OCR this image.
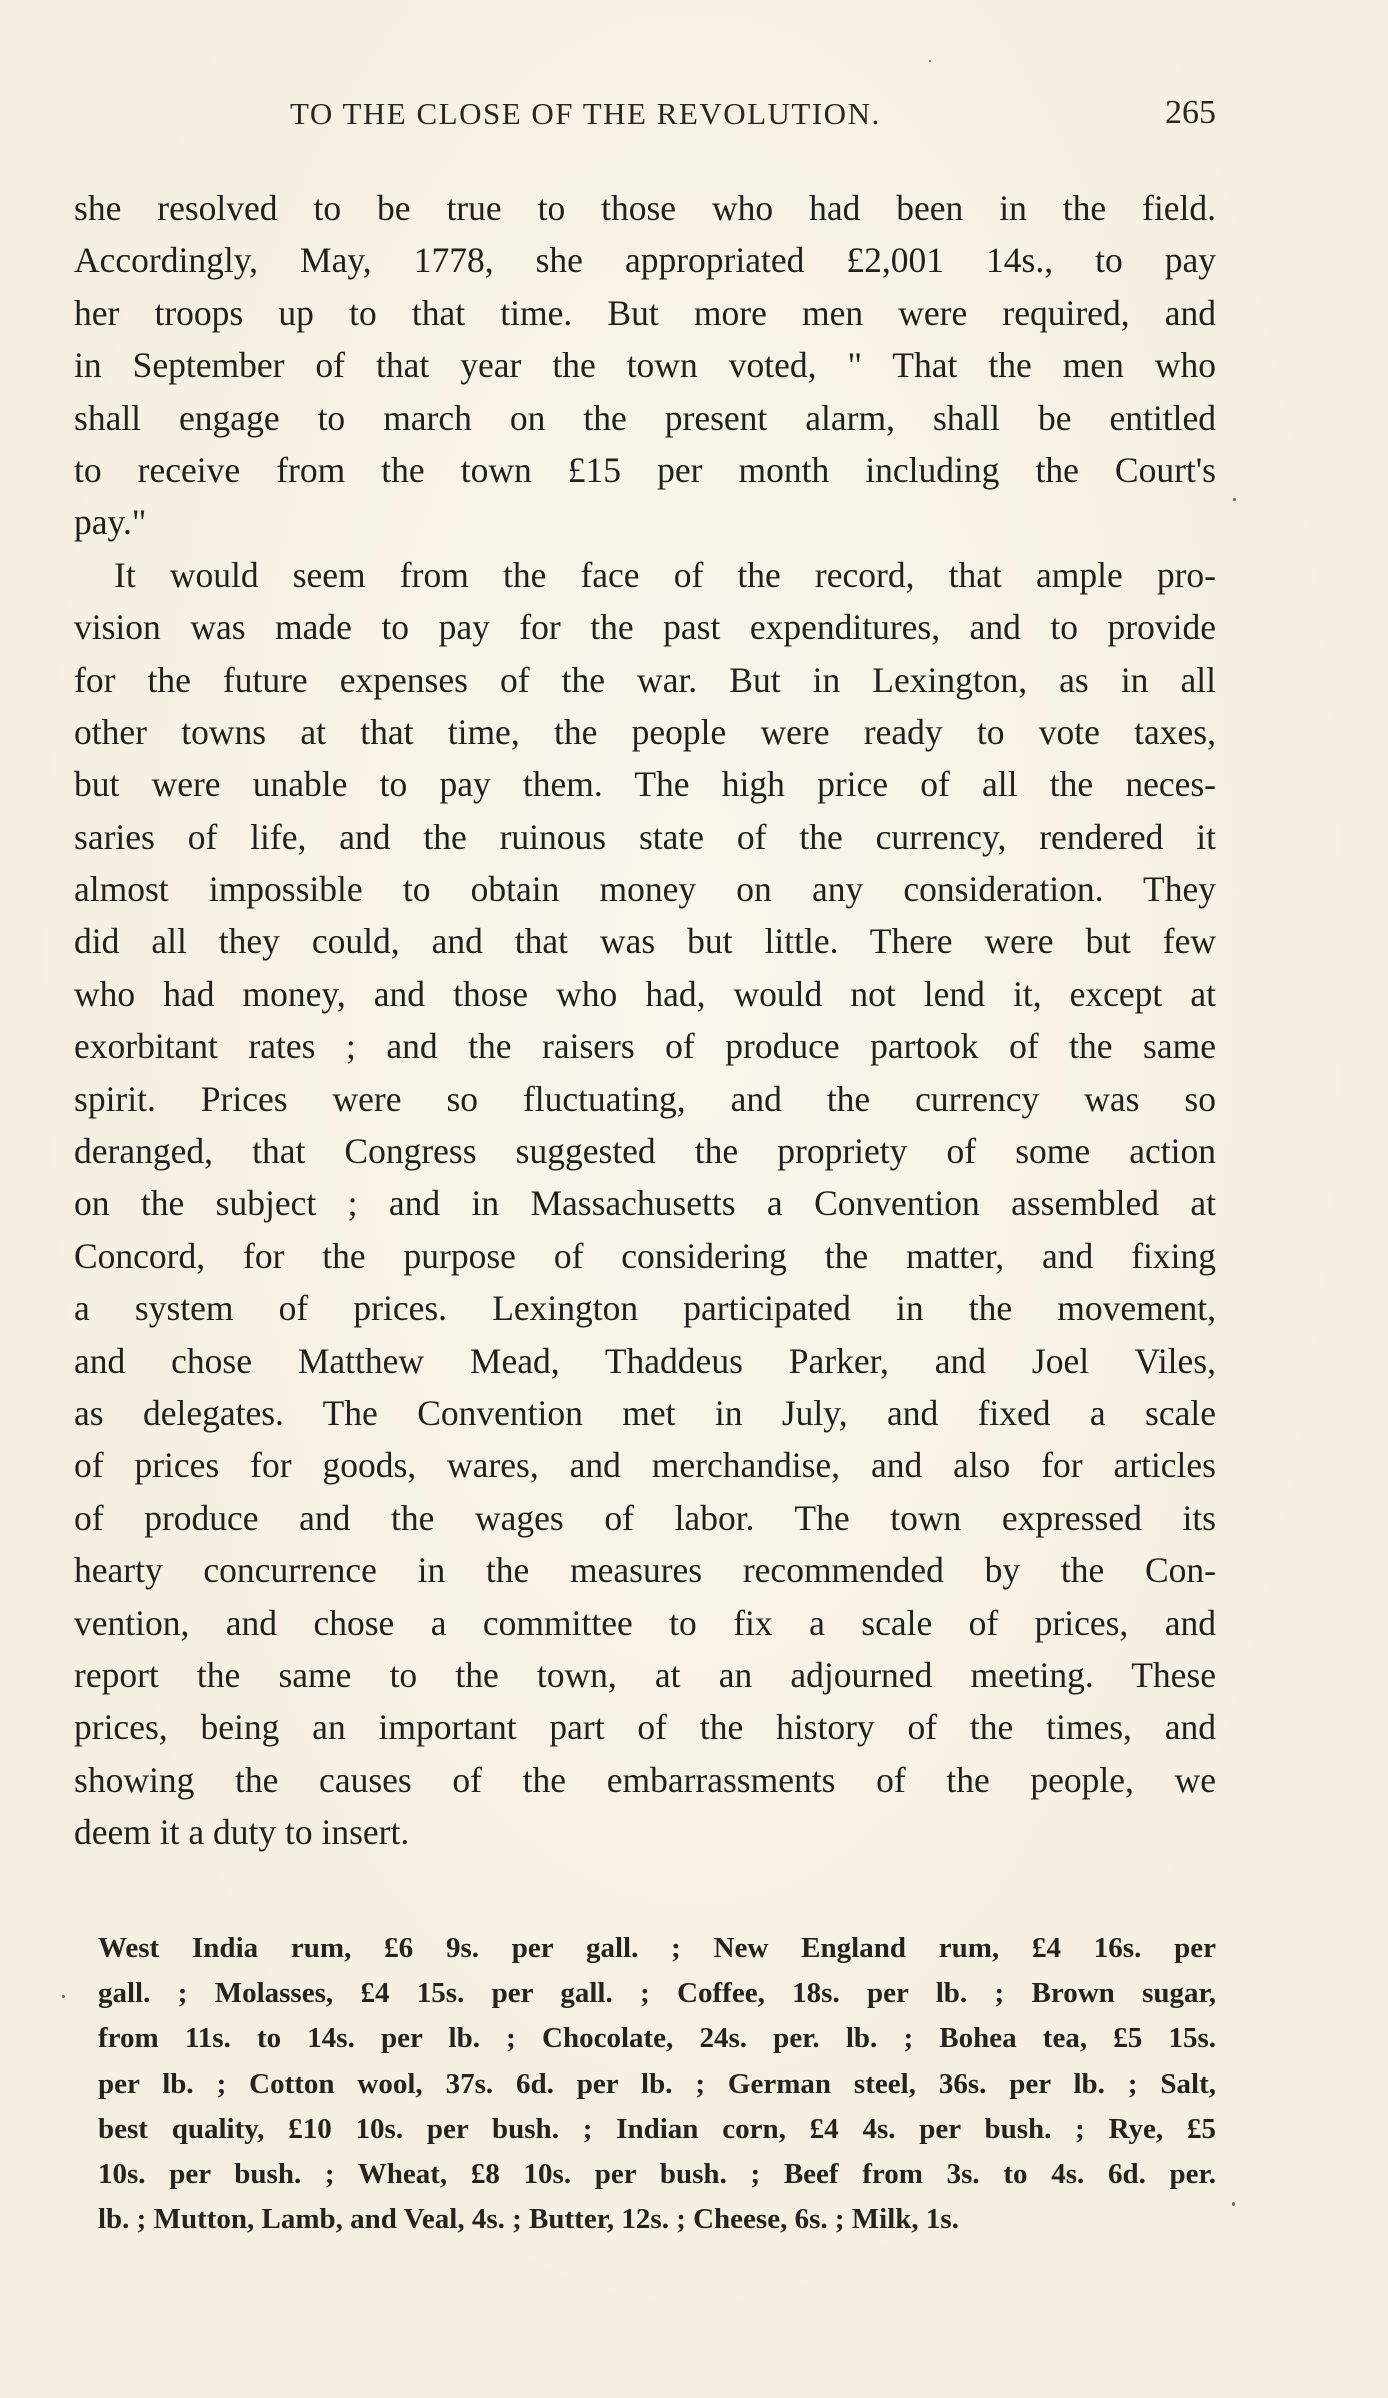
TO THE CLOSE OF THE REVOLUTION.	265
she resolved to be true to those who had been in the field.
Accordingly, May, 1778, she appropriated £2,001 14s., to pay
her troops up to that time. But more men were required, and
in September of that year the town voted, " That the men who
shall engage to march on the present alarm, shall be entitled
to receive from the town £15 per month including the Court's
pay."
It would seem from the face of the record, that ample pro-
vision was made to pay for the past expenditures, and to provide
for the future expenses of the war. But in Lexington, as in all
other towns at that time, the people were ready to vote taxes,
but were unable to pay them. The high price of all the neces-
saries of life, and the ruinous state of the currency, rendered it
almost impossible to obtain money on any consideration. They
did all they could, and that was but little. There were but few
who had money, and those who had, would not lend it, except at
exorbitant rates ; and the raisers of produce partook of the same
spirit. Prices were so fluctuating, and the currency was so
deranged, that Congress suggested the propriety of some action
on the subject ; and in Massachusetts a Convention assembled at
Concord, for the purpose of considering the matter, and fixing
a system of prices. Lexington participated in the movement,
and chose Matthew Mead, Thaddeus Parker, and Joel Viles,
as delegates. The Convention met in July, and fixed a scale
of prices for goods, wares, and merchandise, and also for articles
of produce and the wages of labor. The town expressed its
hearty concurrence in the measures recommended by the Con-
vention, and chose a committee to fix a scale of prices, and
report the same to the town, at an adjourned meeting. These
prices, being an important part of the history of the times, and
showing the causes of the embarrassments of the people, we
deem it a duty to insert.
West India rum, £6 9s. per gall. ; New England rum, £4 16s. per
gall. ; Molasses, £4 15s. per gall. ; Coffee, 18s. per lb. ; Brown sugar,
from 11s. to 14s. per lb. ; Chocolate, 24s. per. lb. ; Bohea tea, £5 15s.
per lb. ; Cotton wool, 37s. 6d. per lb. ; German steel, 36s. per lb. ; Salt,
best quality, £10 10s. per bush. ; Indian corn, £4 4s. per bush. ; Rye, £5
10s. per bush. ; Wheat, £8 10s. per bush. ; Beef from 3s. to 4s. 6d. per.
lb. ; Mutton, Lamb, and Veal, 4s. ; Butter, 12s. ; Cheese, 6s. ; Milk, 1s.
